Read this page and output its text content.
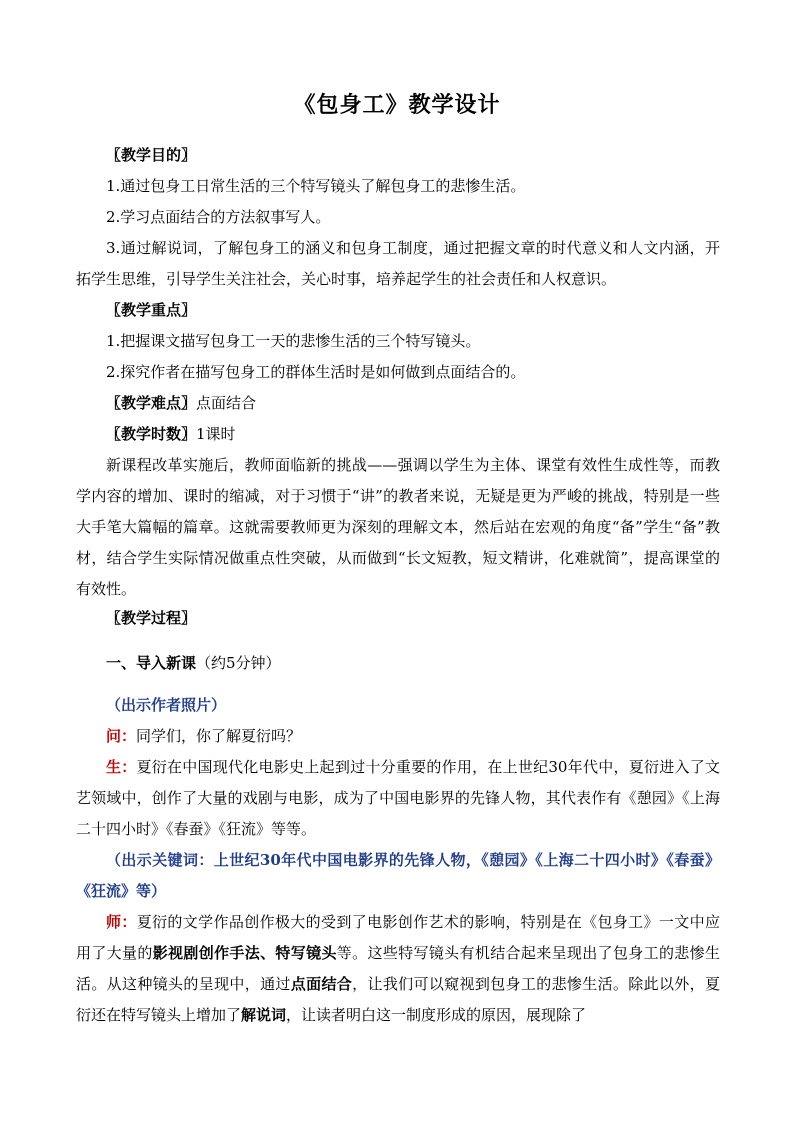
《包身工》教学设计
〖教学目的〗
1.通过包身工日常生活的三个特写镜头了解包身工的悲惨生活。
2.学习点面结合的方法叙事写人。
3.通过解说词，了解包身工的涵义和包身工制度，通过把握文章的时代意义和人文内涵，开拓学生思维，引导学生关注社会，关心时事，培养起学生的社会责任和人权意识。
〖教学重点〗
1.把握课文描写包身工一天的悲惨生活的三个特写镜头。
2.探究作者在描写包身工的群体生活时是如何做到点面结合的。
〖教学难点〗点面结合
〖教学时数〗1课时
新课程改革实施后，教师面临新的挑战——强调以学生为主体、课堂有效性生成性等，而教学内容的增加、课时的缩减，对于习惯于“讲”的教者来说，无疑是更为严峻的挑战，特别是一些大手笔大篇幅的篇章。这就需要教师更为深刻的理解文本，然后站在宏观的角度“备”学生“备”教材，结合学生实际情况做重点性突破，从而做到“长文短教，短文精讲，化难就简”，提高课堂的有效性。
〖教学过程〗
一、导入新课（约5分钟）
（出示作者照片）
问：同学们，你了解夏衍吗？
生：夏衍在中国现代化电影史上起到过十分重要的作用，在上世纪30年代中，夏衍进入了文艺领域中，创作了大量的戏剧与电影，成为了中国电影界的先锋人物，其代表作有《憩园》《上海二十四小时》《春蚕》《狂流》等等。
（出示关键词：上世纪30年代中国电影界的先锋人物，《憩园》《上海二十四小时》《春蚕》《狂流》等）
师：夏衍的文学作品创作极大的受到了电影创作艺术的影响，特别是在《包身工》一文中应用了大量的影视剧创作手法、特写镜头等。这些特写镜头有机结合起来呈现出了包身工的悲惨生活。从这种镜头的呈现中，通过点面结合，让我们可以窥视到包身工的悲惨生活。除此以外，夏衍还在特写镜头上增加了解说词，让读者明白这一制度形成的原因，展现除了
